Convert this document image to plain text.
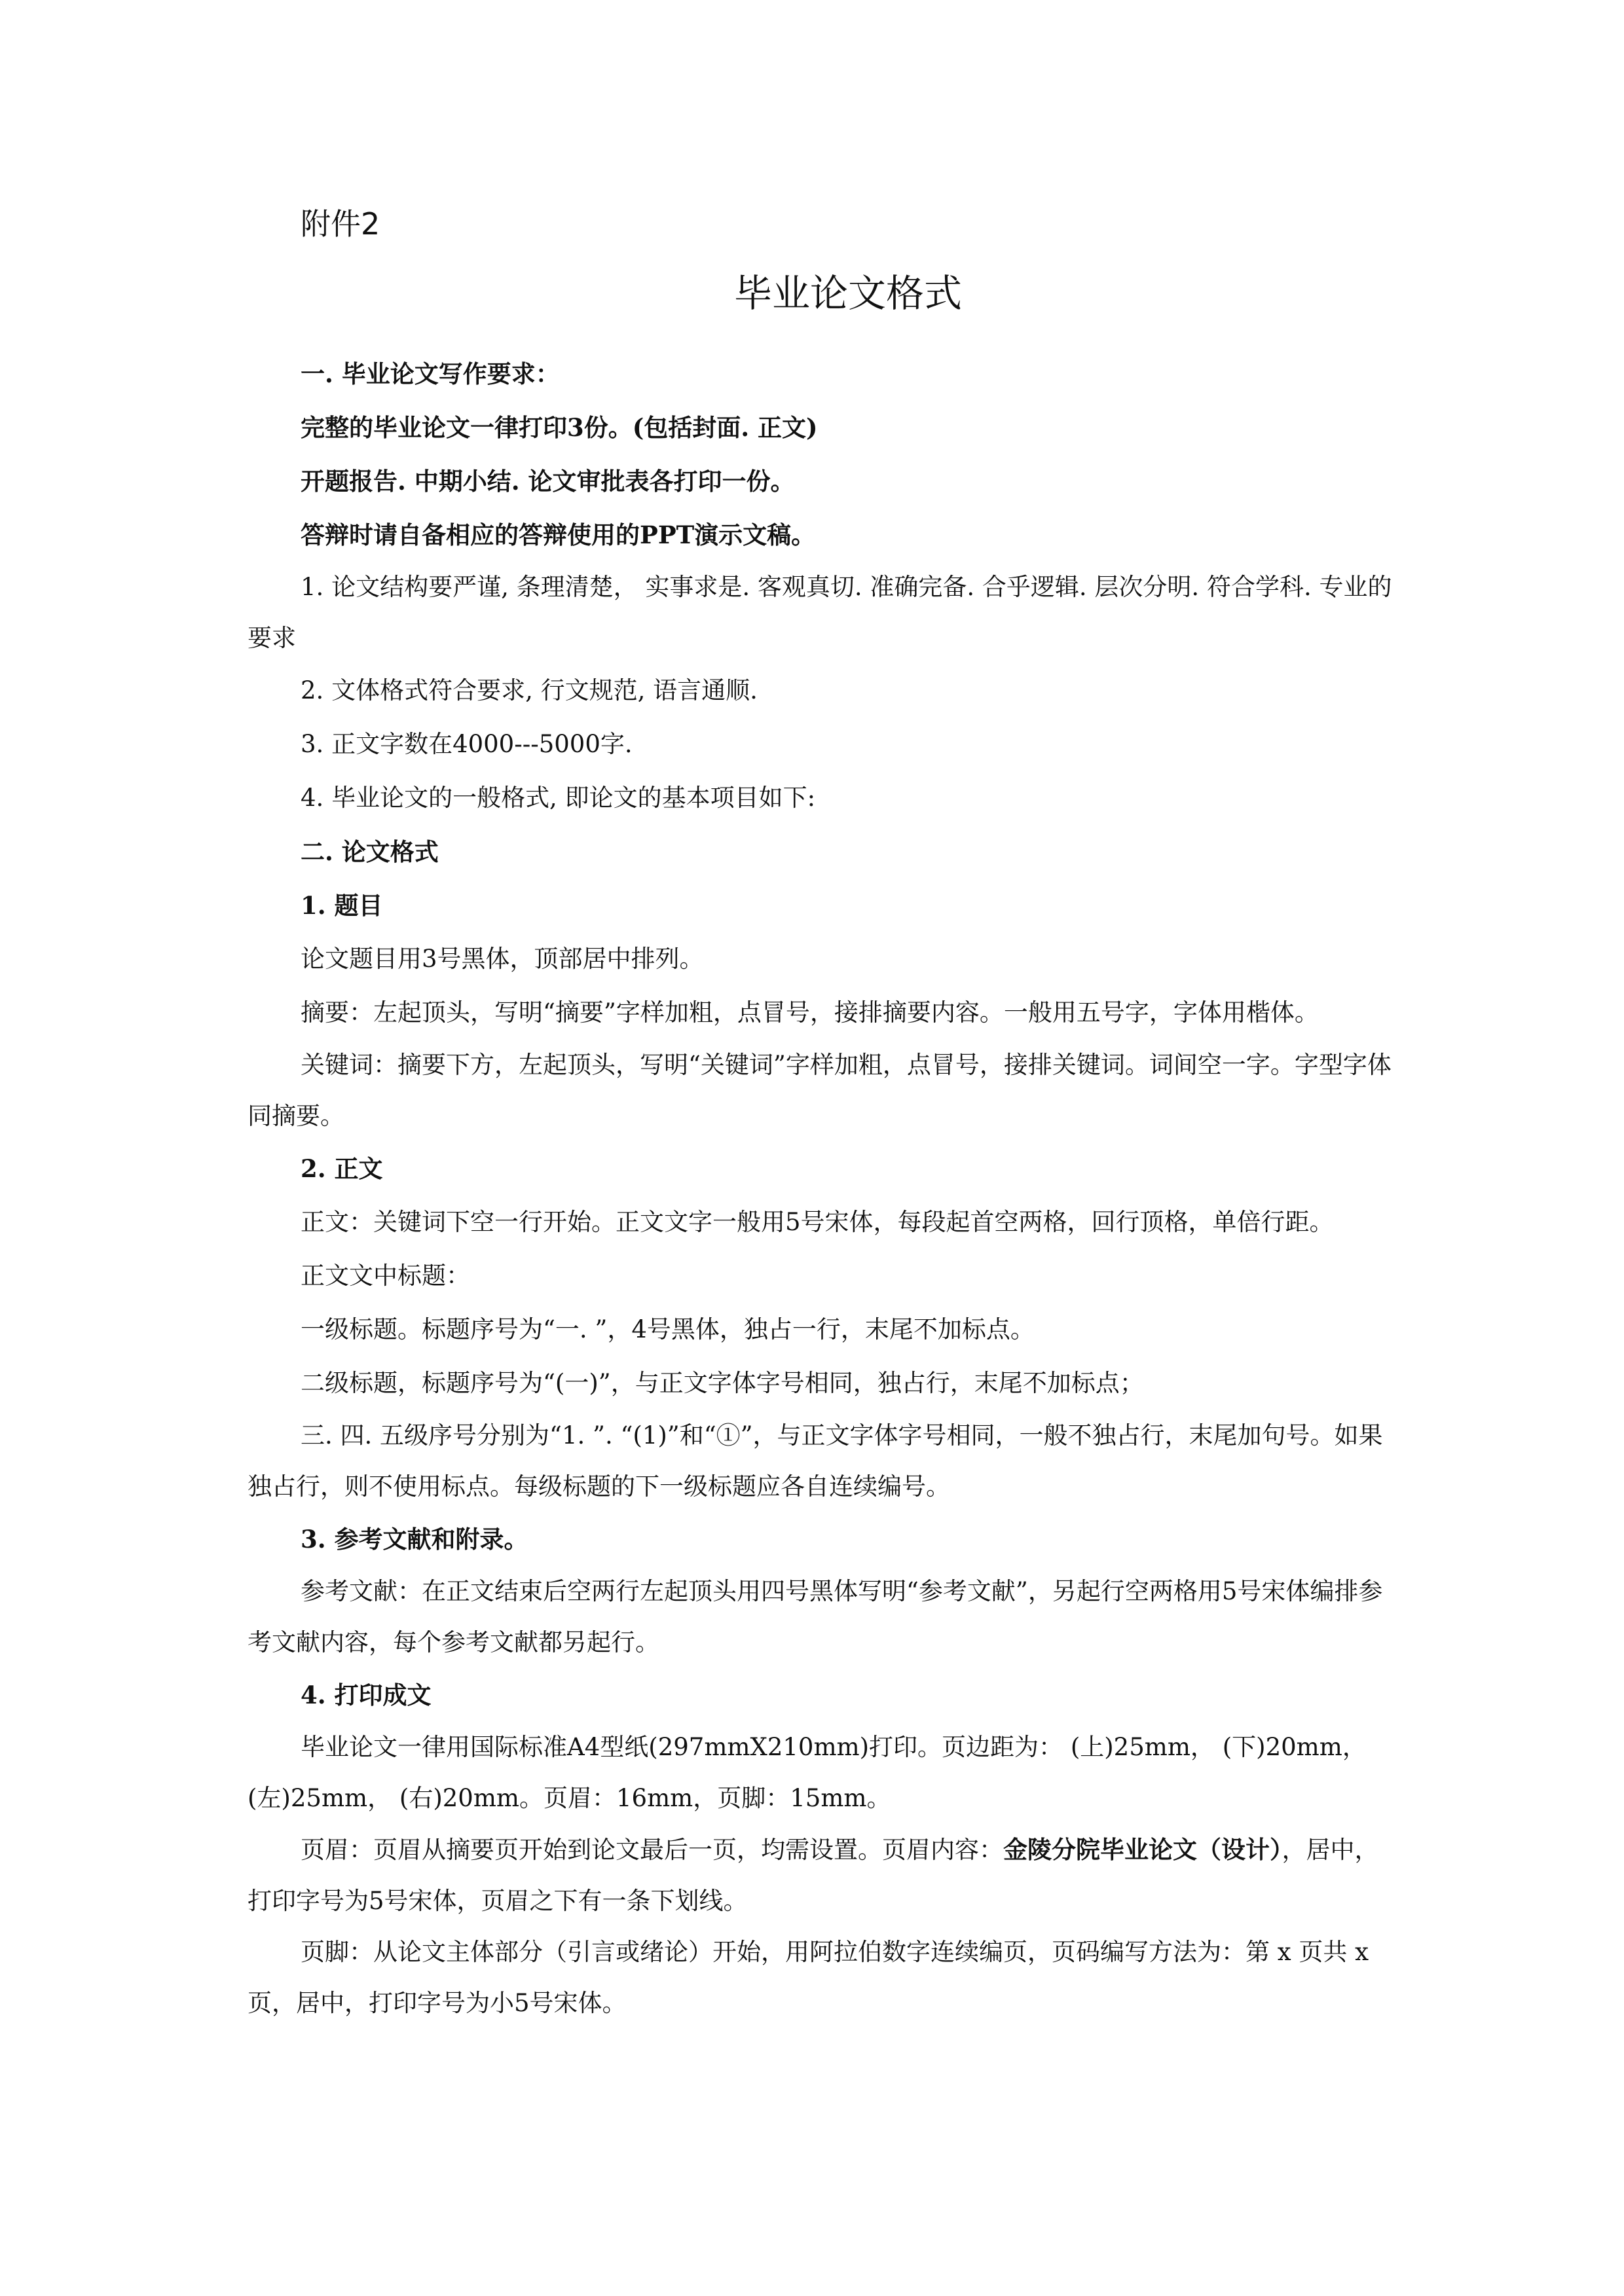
附件2
毕业论文格式

一. 毕业论文写作要求：

完整的毕业论文一律打印3份。(包括封面. 正文)

开题报告. 中期小结. 论文审批表各打印一份。

答辩时请自备相应的答辩使用的PPT演示文稿。

1. 论文结构要严谨, 条理清楚， 实事求是. 客观真切. 准确完备. 合乎逻辑. 层次分明. 符合学科. 专业的要求

2. 文体格式符合要求, 行文规范, 语言通顺.

3. 正文字数在4000---5000字.

4. 毕业论文的一般格式, 即论文的基本项目如下:

二. 论文格式

1. 题目

论文题目用3号黑体，顶部居中排列。

摘要：左起顶头，写明“摘要”字样加粗，点冒号，接排摘要内容。一般用五号字，字体用楷体。

关键词：摘要下方，左起顶头，写明“关键词”字样加粗，点冒号，接排关键词。词间空一字。字型字体同摘要。

2. 正文

正文：关键词下空一行开始。正文文字一般用5号宋体，每段起首空两格，回行顶格，单倍行距。

正文文中标题：

一级标题。标题序号为“一. ”，4号黑体，独占一行，末尾不加标点。

二级标题，标题序号为“(一)”，与正文字体字号相同，独占行，末尾不加标点；

三. 四. 五级序号分别为“1. ”. “(1)”和“①”，与正文字体字号相同，一般不独占行，末尾加句号。如果独占行，则不使用标点。每级标题的下一级标题应各自连续编号。

3. 参考文献和附录。

参考文献：在正文结束后空两行左起顶头用四号黑体写明“参考文献”，另起行空两格用5号宋体编排参考文献内容，每个参考文献都另起行。

4. 打印成文

毕业论文一律用国际标准A4型纸(297mmX210mm)打印。页边距为： (上)25mm， (下)20mm，(左)25mm， (右)20mm。页眉：16mm，页脚：15mm。

页眉：页眉从摘要页开始到论文最后一页，均需设置。页眉内容：金陵分院毕业论文（设计），居中，打印字号为5号宋体，页眉之下有一条下划线。

页脚：从论文主体部分（引言或绪论）开始，用阿拉伯数字连续编页，页码编写方法为：第 x 页共 x 页，居中，打印字号为小5号宋体。
